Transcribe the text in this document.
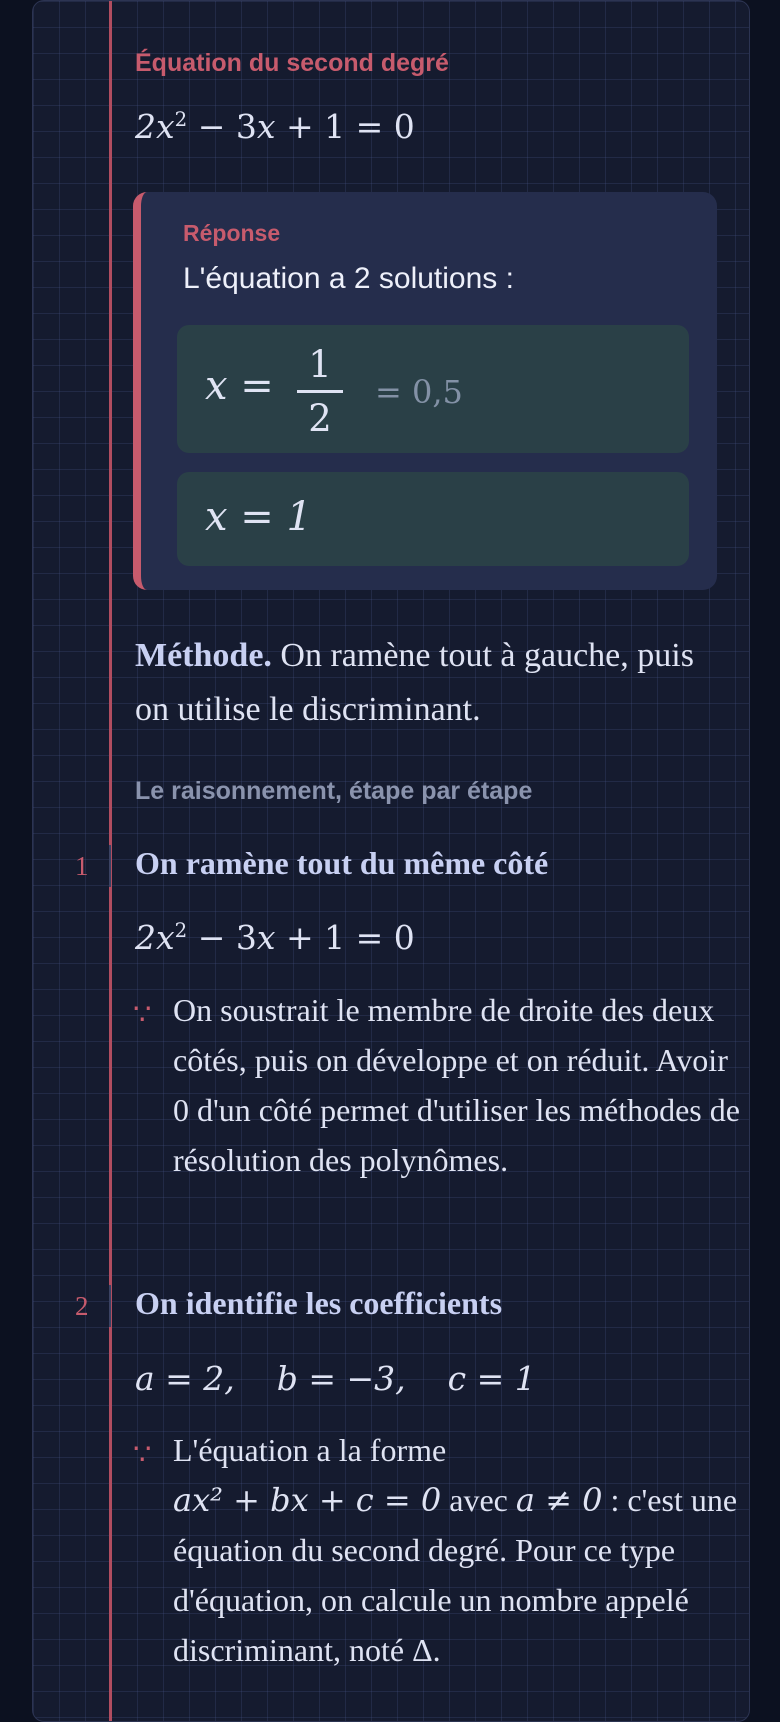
Équation du second degré
$2x^2 - 3x + 1 = 0$
Réponse
L'équation a 2 solutions :
x = 1
2
= 0,5
x = 1
Méthode. On ramène tout à gauche, puis on utilise le discriminant.
Le raisonnement, étape par étape
1 On ramène tout du même côté
$2x^2 - 3x + 1 = 0$
∵ On soustrait le membre de droite des deux côtés, puis on développe et on réduit. Avoir 0 d'un côté permet d'utiliser les méthodes de résolution des polynômes.
2 On identifie les coefficients
a = 2,    b = −3,    c = 1
∵ L'équation a la forme
ax² + bx + c = 0 avec a ≠ 0 : c'est une équation du second degré. Pour ce type d'équation, on calcule un nombre appelé discriminant, noté Δ.
